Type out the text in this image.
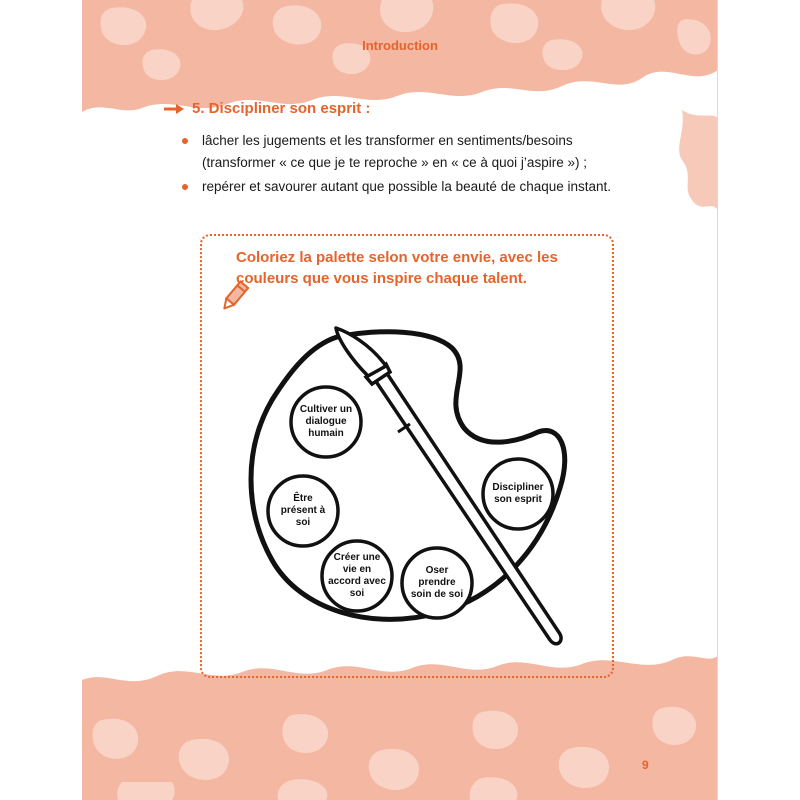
Introduction
5. Discipliner son esprit :
lâcher les jugements et les transformer en sentiments/besoins (transformer « ce que je te reproche » en « ce à quoi j’aspire ») ;
repérer et savourer autant que possible la beauté de chaque instant.
Coloriez la palette selon votre envie, avec les couleurs que vous inspire chaque talent.
Cultiver un dialogue humain
Être présent à soi
Créer une vie en accord avec soi
Oser prendre soin de soi
Discipliner son esprit
9
